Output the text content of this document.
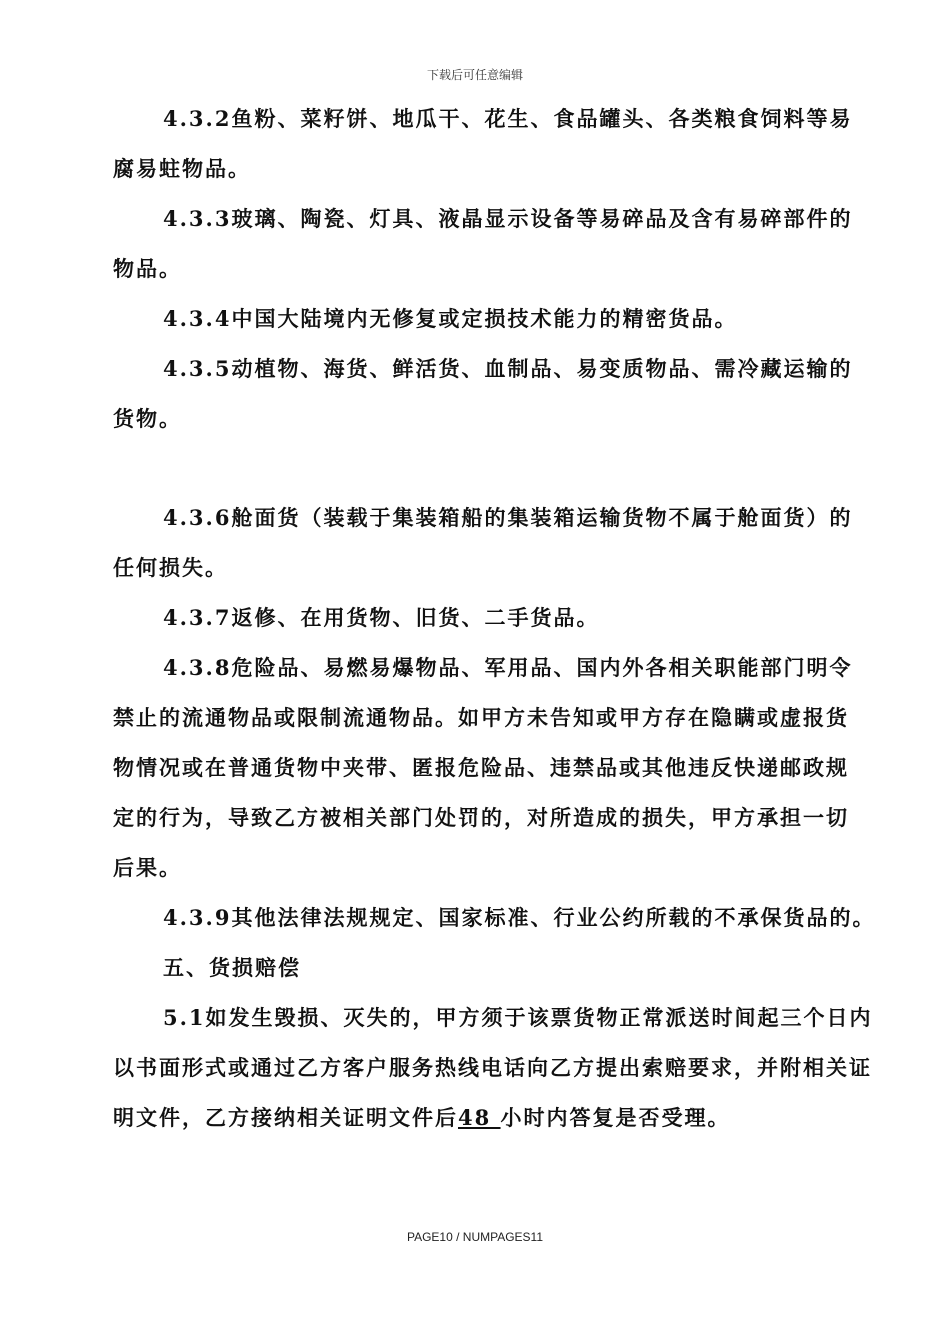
下载后可任意编辑
4.3.2鱼粉、菜籽饼、地瓜干、花生、食品罐头、各类粮食饲料等易
腐易蛀物品。
4.3.3玻璃、陶瓷、灯具、液晶显示设备等易碎品及含有易碎部件的
物品。
4.3.4中国大陆境内无修复或定损技术能力的精密货品。
4.3.5动植物、海货、鲜活货、血制品、易变质物品、需冷藏运输的
货物。
4.3.6舱面货（装载于集装箱船的集装箱运输货物不属于舱面货）的
任何损失。
4.3.7返修、在用货物、旧货、二手货品。
4.3.8危险品、易燃易爆物品、军用品、国内外各相关职能部门明令
禁止的流通物品或限制流通物品。如甲方未告知或甲方存在隐瞒或虚报货
物情况或在普通货物中夹带、匿报危险品、违禁品或其他违反快递邮政规
定的行为，导致乙方被相关部门处罚的，对所造成的损失，甲方承担一切
后果。
4.3.9其他法律法规规定、国家标准、行业公约所载的不承保货品的。
五、货损赔偿
5.1如发生毁损、灭失的，甲方须于该票货物正常派送时间起三个日内
以书面形式或通过乙方客户服务热线电话向乙方提出索赔要求，并附相关证
明文件，乙方接纳相关证明文件后48 小时内答复是否受理。
PAGE10 / NUMPAGES11
